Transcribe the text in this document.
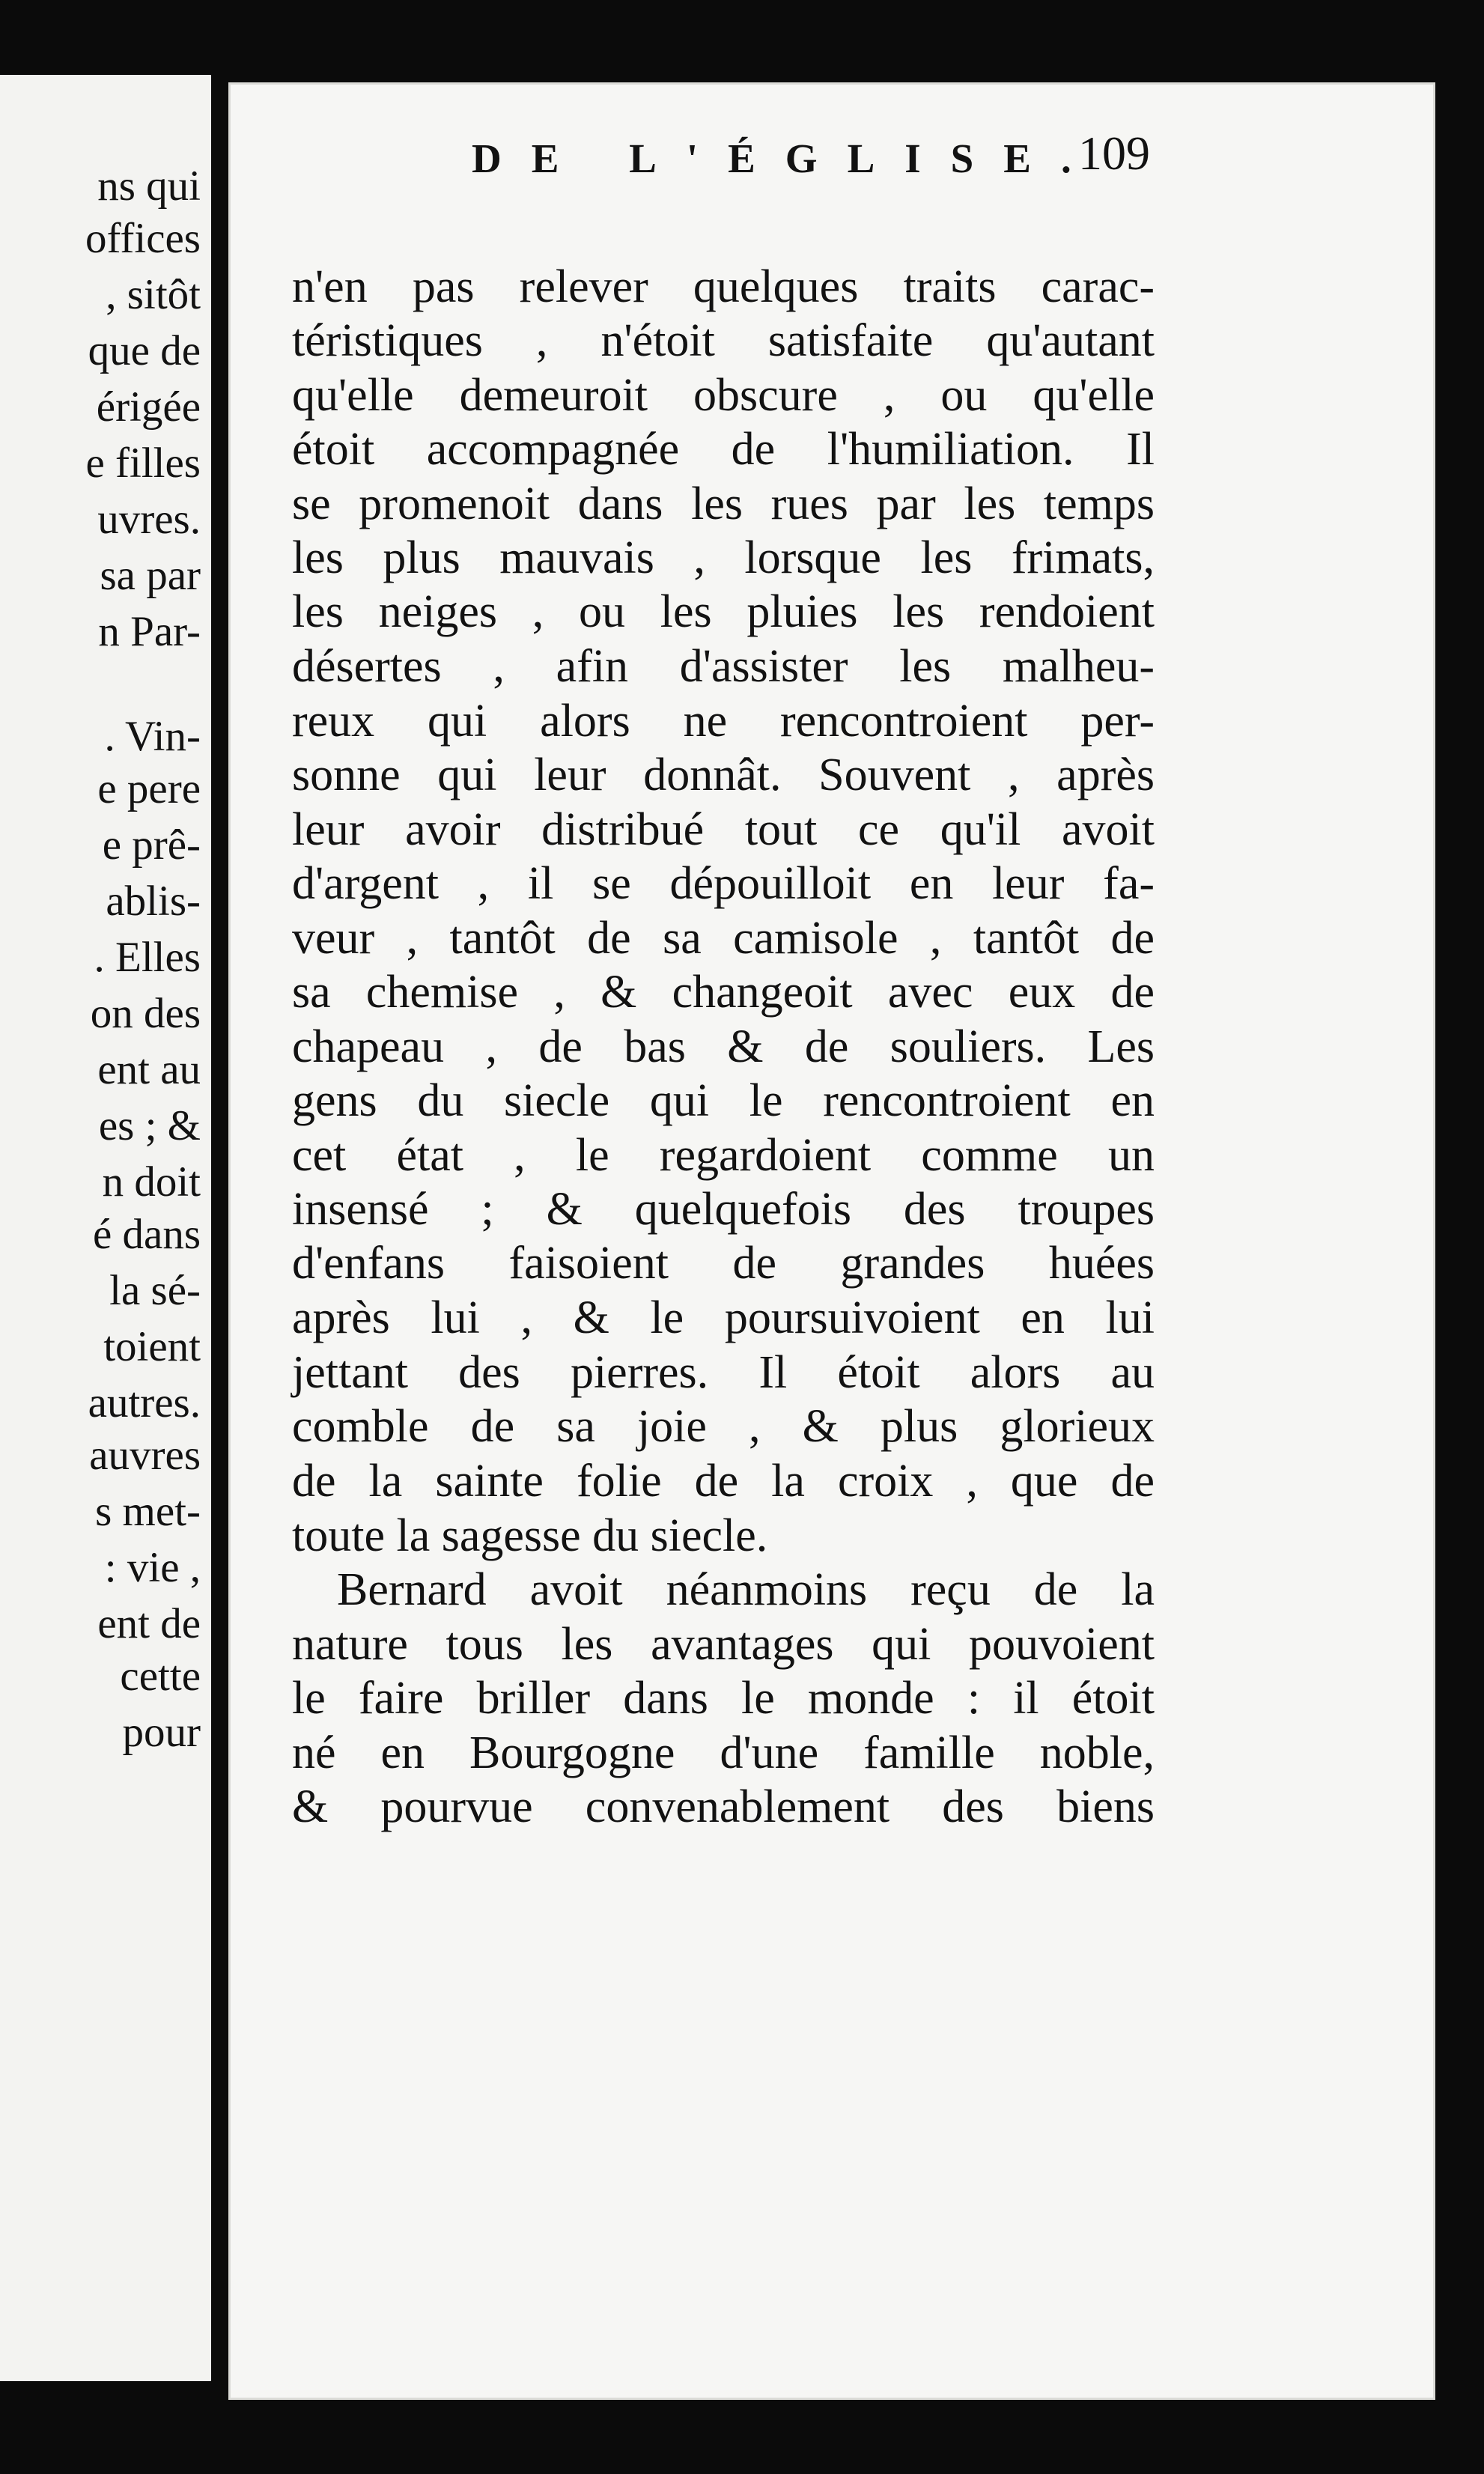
ns qui
offices
, sitôt
que de
érigée
e filles
uvres.
sa par
n Par-
. Vin-
e pere
e prê-
ablis-
. Elles
on des
ent au
es ; &
n doit
é dans
la sé-
toient
autres.
auvres
s met-
: vie ,
ent de
cette
pour
DE L'ÉGLISE.
109
n'en pas relever quelques traits carac-
téristiques , n'étoit satisfaite qu'autant
qu'elle demeuroit obscure , ou qu'elle
étoit accompagnée de l'humiliation. Il
se promenoit dans les rues par les temps
les plus mauvais , lorsque les frimats,
les neiges , ou les pluies les rendoient
désertes , afin d'assister les malheu-
reux qui alors ne rencontroient per-
sonne qui leur donnât. Souvent , après
leur avoir distribué tout ce qu'il avoit
d'argent , il se dépouilloit en leur fa-
veur , tantôt de sa camisole , tantôt de
sa chemise , & changeoit avec eux de
chapeau , de bas & de souliers. Les
gens du siecle qui le rencontroient en
cet état , le regardoient comme un
insensé ; & quelquefois des troupes
d'enfans faisoient de grandes huées
après lui , & le poursuivoient en lui
jettant des pierres. Il étoit alors au
comble de sa joie , & plus glorieux
de la sainte folie de la croix , que de
toute la sagesse du siecle.
Bernard avoit néanmoins reçu de la
nature tous les avantages qui pouvoient
le faire briller dans le monde : il étoit
né en Bourgogne d'une famille noble,
& pourvue convenablement des biens
